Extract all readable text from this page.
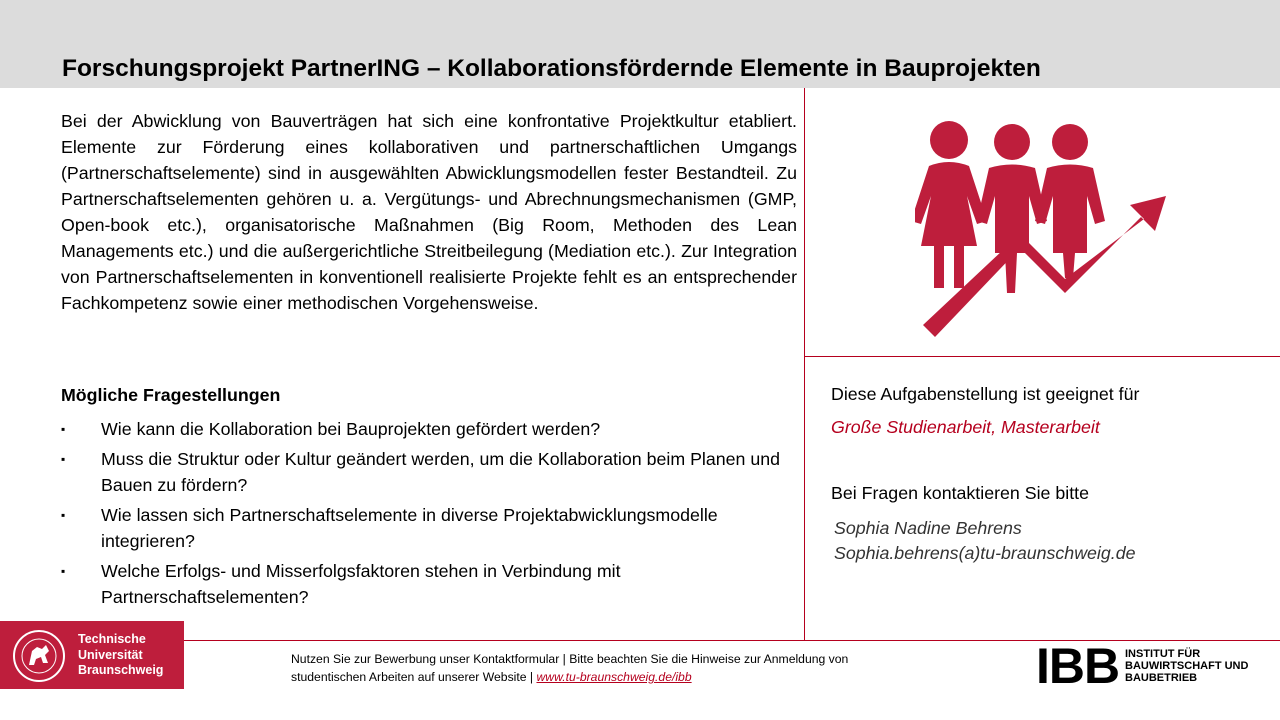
Forschungsprojekt PartnerING – Kollaborationsfördernde Elemente in Bauprojekten
Bei der Abwicklung von Bauverträgen hat sich eine konfrontative Projektkultur etabliert. Elemente zur Förderung eines kollaborativen und partnerschaftlichen Umgangs (Partnerschaftselemente) sind in ausgewählten Abwicklungsmodellen fester Bestandteil. Zu Partnerschaftselementen gehören u. a. Vergütungs- und Abrechnungsmechanismen (GMP, Open-book etc.), organisatorische Maßnahmen (Big Room, Methoden des Lean Managements etc.) und die außergerichtliche Streitbeilegung (Mediation etc.). Zur Integration von Partnerschaftselementen in konventionell realisierte Projekte fehlt es an entsprechender Fachkompetenz sowie einer methodischen Vorgehensweise.
Mögliche Fragestellungen
▪ Wie kann die Kollaboration bei Bauprojekten gefördert werden?
▪ Muss die Struktur oder Kultur geändert werden, um die Kollaboration beim Planen und Bauen zu fördern?
▪ Wie lassen sich Partnerschaftselemente in diverse Projektabwicklungsmodelle integrieren?
▪ Welche Erfolgs- und Misserfolgsfaktoren stehen in Verbindung mit Partnerschaftselementen?
Diese Aufgabenstellung ist geeignet für
Große Studienarbeit, Masterarbeit
Bei Fragen kontaktieren Sie bitte
Sophia Nadine Behrens
Sophia.behrens(a)tu-braunschweig.de
Technische
Universität
Braunschweig
Nutzen Sie zur Bewerbung unser Kontaktformular | Bitte beachten Sie die Hinweise zur Anmeldung von
studentischen Arbeiten auf unserer Website | www.tu-braunschweig.de/ibb	IBB INSTITUT FÜR
BAUWIRTSCHAFT UND
BAUBETRIEB
